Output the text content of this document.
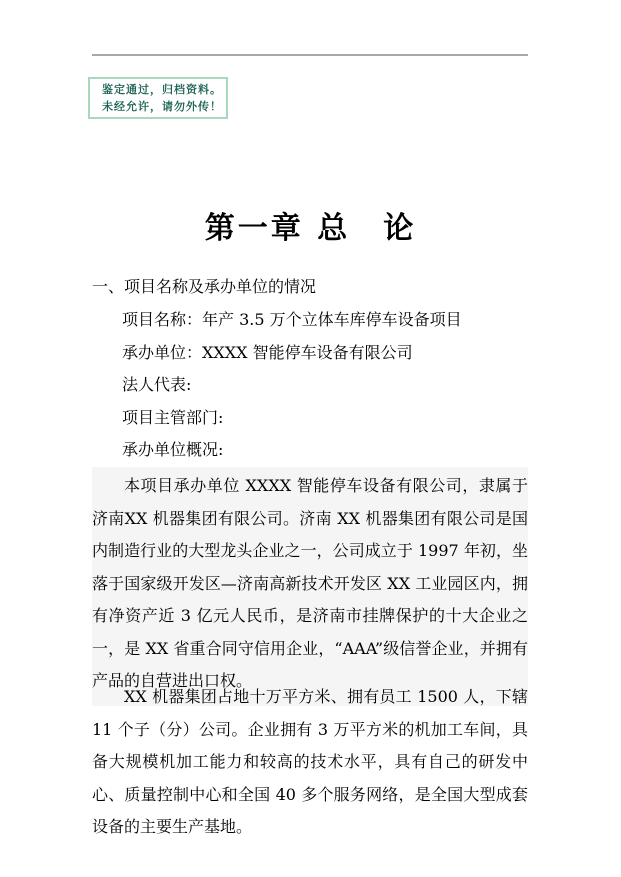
鉴定通过，归档资料。
未经允许，请勿外传！
第一章 总　论
一、项目名称及承办单位的情况
项目名称：年产 3.5 万个立体车库停车设备项目
承办单位：XXXX 智能停车设备有限公司
法人代表:
项目主管部门:
承办单位概况:

本项目承办单位 XXXX 智能停车设备有限公司，隶属于济南XX 机器集团有限公司。济南 XX 机器集团有限公司是国内制造行业的大型龙头企业之一，公司成立于 1997 年初，坐落于国家级开发区—济南高新技术开发区 XX 工业园区内，拥有净资产近 3 亿元人民币，是济南市挂牌保护的十大企业之一，是 XX 省重合同守信用企业，“AAA”级信誉企业，并拥有产品的自营进出口权。

XX 机器集团占地十万平方米、拥有员工 1500 人，下辖 11 个子（分）公司。企业拥有 3 万平方米的机加工车间，具备大规模机加工能力和较高的技术水平，具有自己的研发中心、质量控制中心和全国 40 多个服务网络，是全国大型成套设备的主要生产基地。
